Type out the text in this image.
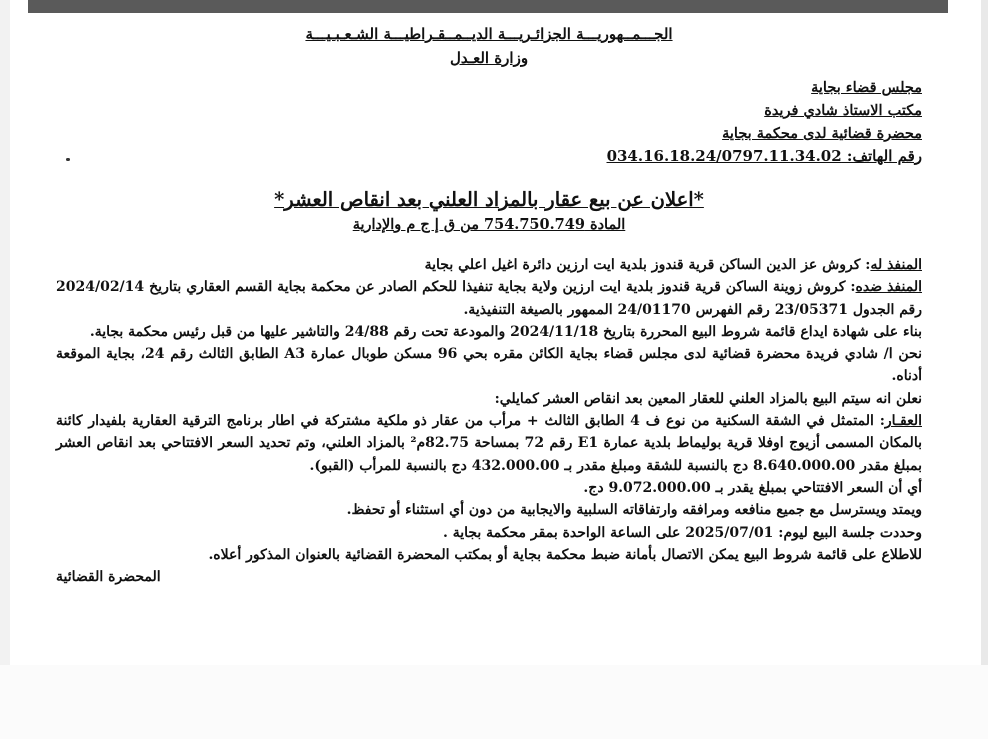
الجـــمــهوريـــة الجزائـريـــة الديــمــقـراطيـــة الشـعـبـيـــة
وزارة العـدل
مجلس قضاء بجاية
مكتب الاستاذ شادي فريدة
محضرة قضائية لدى محكمة بجاية
رقم الهاتف: 034.16.18.24/0797.11.34.02
*اعلان عن بيع عقار بالمزاد العلني بعد انقاص العشر*
المادة 754.750.749 من ق إ ج م والإدارية

المنفذ له: كروش عز الدين الساكن قرية قندوز بلدية ايت ارزين دائرة اغيل اعلي بجاية

المنفذ ضده: كروش زوينة الساكن قرية قندوز بلدية ايت ارزين ولاية بجاية تنفيذا للحكم الصادر عن محكمة بجاية القسم العقاري بتاريخ 2024/02/14 رقم الجدول 23/05371 رقم الفهرس 24/01170 الممهور بالصيغة التنفيذية.

بناء على شهادة ايداع قائمة شروط البيع المحررة بتاريخ 2024/11/18 والمودعة تحت رقم 24/88 والتاشير عليها من قبل رئيس محكمة بجاية.

نحن ا/ شادي فريدة محضرة قضائية لدى مجلس قضاء بجاية الكائن مقره بحي 96 مسكن طوبال عمارة A3 الطابق الثالث رقم 24، بجاية الموقعة أدناه.

نعلن انه سيتم البيع بالمزاد العلني للعقار المعين بعد انقاص العشر كمايلي:

العقـار: المتمثل في الشقة السكنية من نوع ف 4 الطابق الثالث + مرأب من عقار ذو ملكية مشتركة في اطار برنامج الترقية العقارية بلفيدار كائنة بالمكان المسمى أزيوج اوفلا قرية بوليماط بلدية عمارة E1 رقم 72 بمساحة 82.75م² بالمزاد العلني، وتم تحديد السعر الافتتاحي بعد انقاص العشر بمبلغ مقدر 8.640.000.00 دج بالنسبة للشقة ومبلغ مقدر بـ 432.000.00 دج بالنسبة للمرأب (القبو).

أي أن السعر الافتتاحي بمبلغ يقدر بـ 9.072.000.00 دج.

ويمتد ويسترسل مع جميع منافعه ومرافقه وارتفاقاته السلبية والايجابية من دون أي استثناء أو تحفظ.

وحددت جلسة البيع ليوم: 2025/07/01 على الساعة الواحدة بمقر محكمة بجاية .

للاطلاع على قائمة شروط البيع يمكن الاتصال بأمانة ضبط محكمة بجاية أو بمكتب المحضرة القضائية بالعنوان المذكور أعلاه.

المحضرة القضائية
